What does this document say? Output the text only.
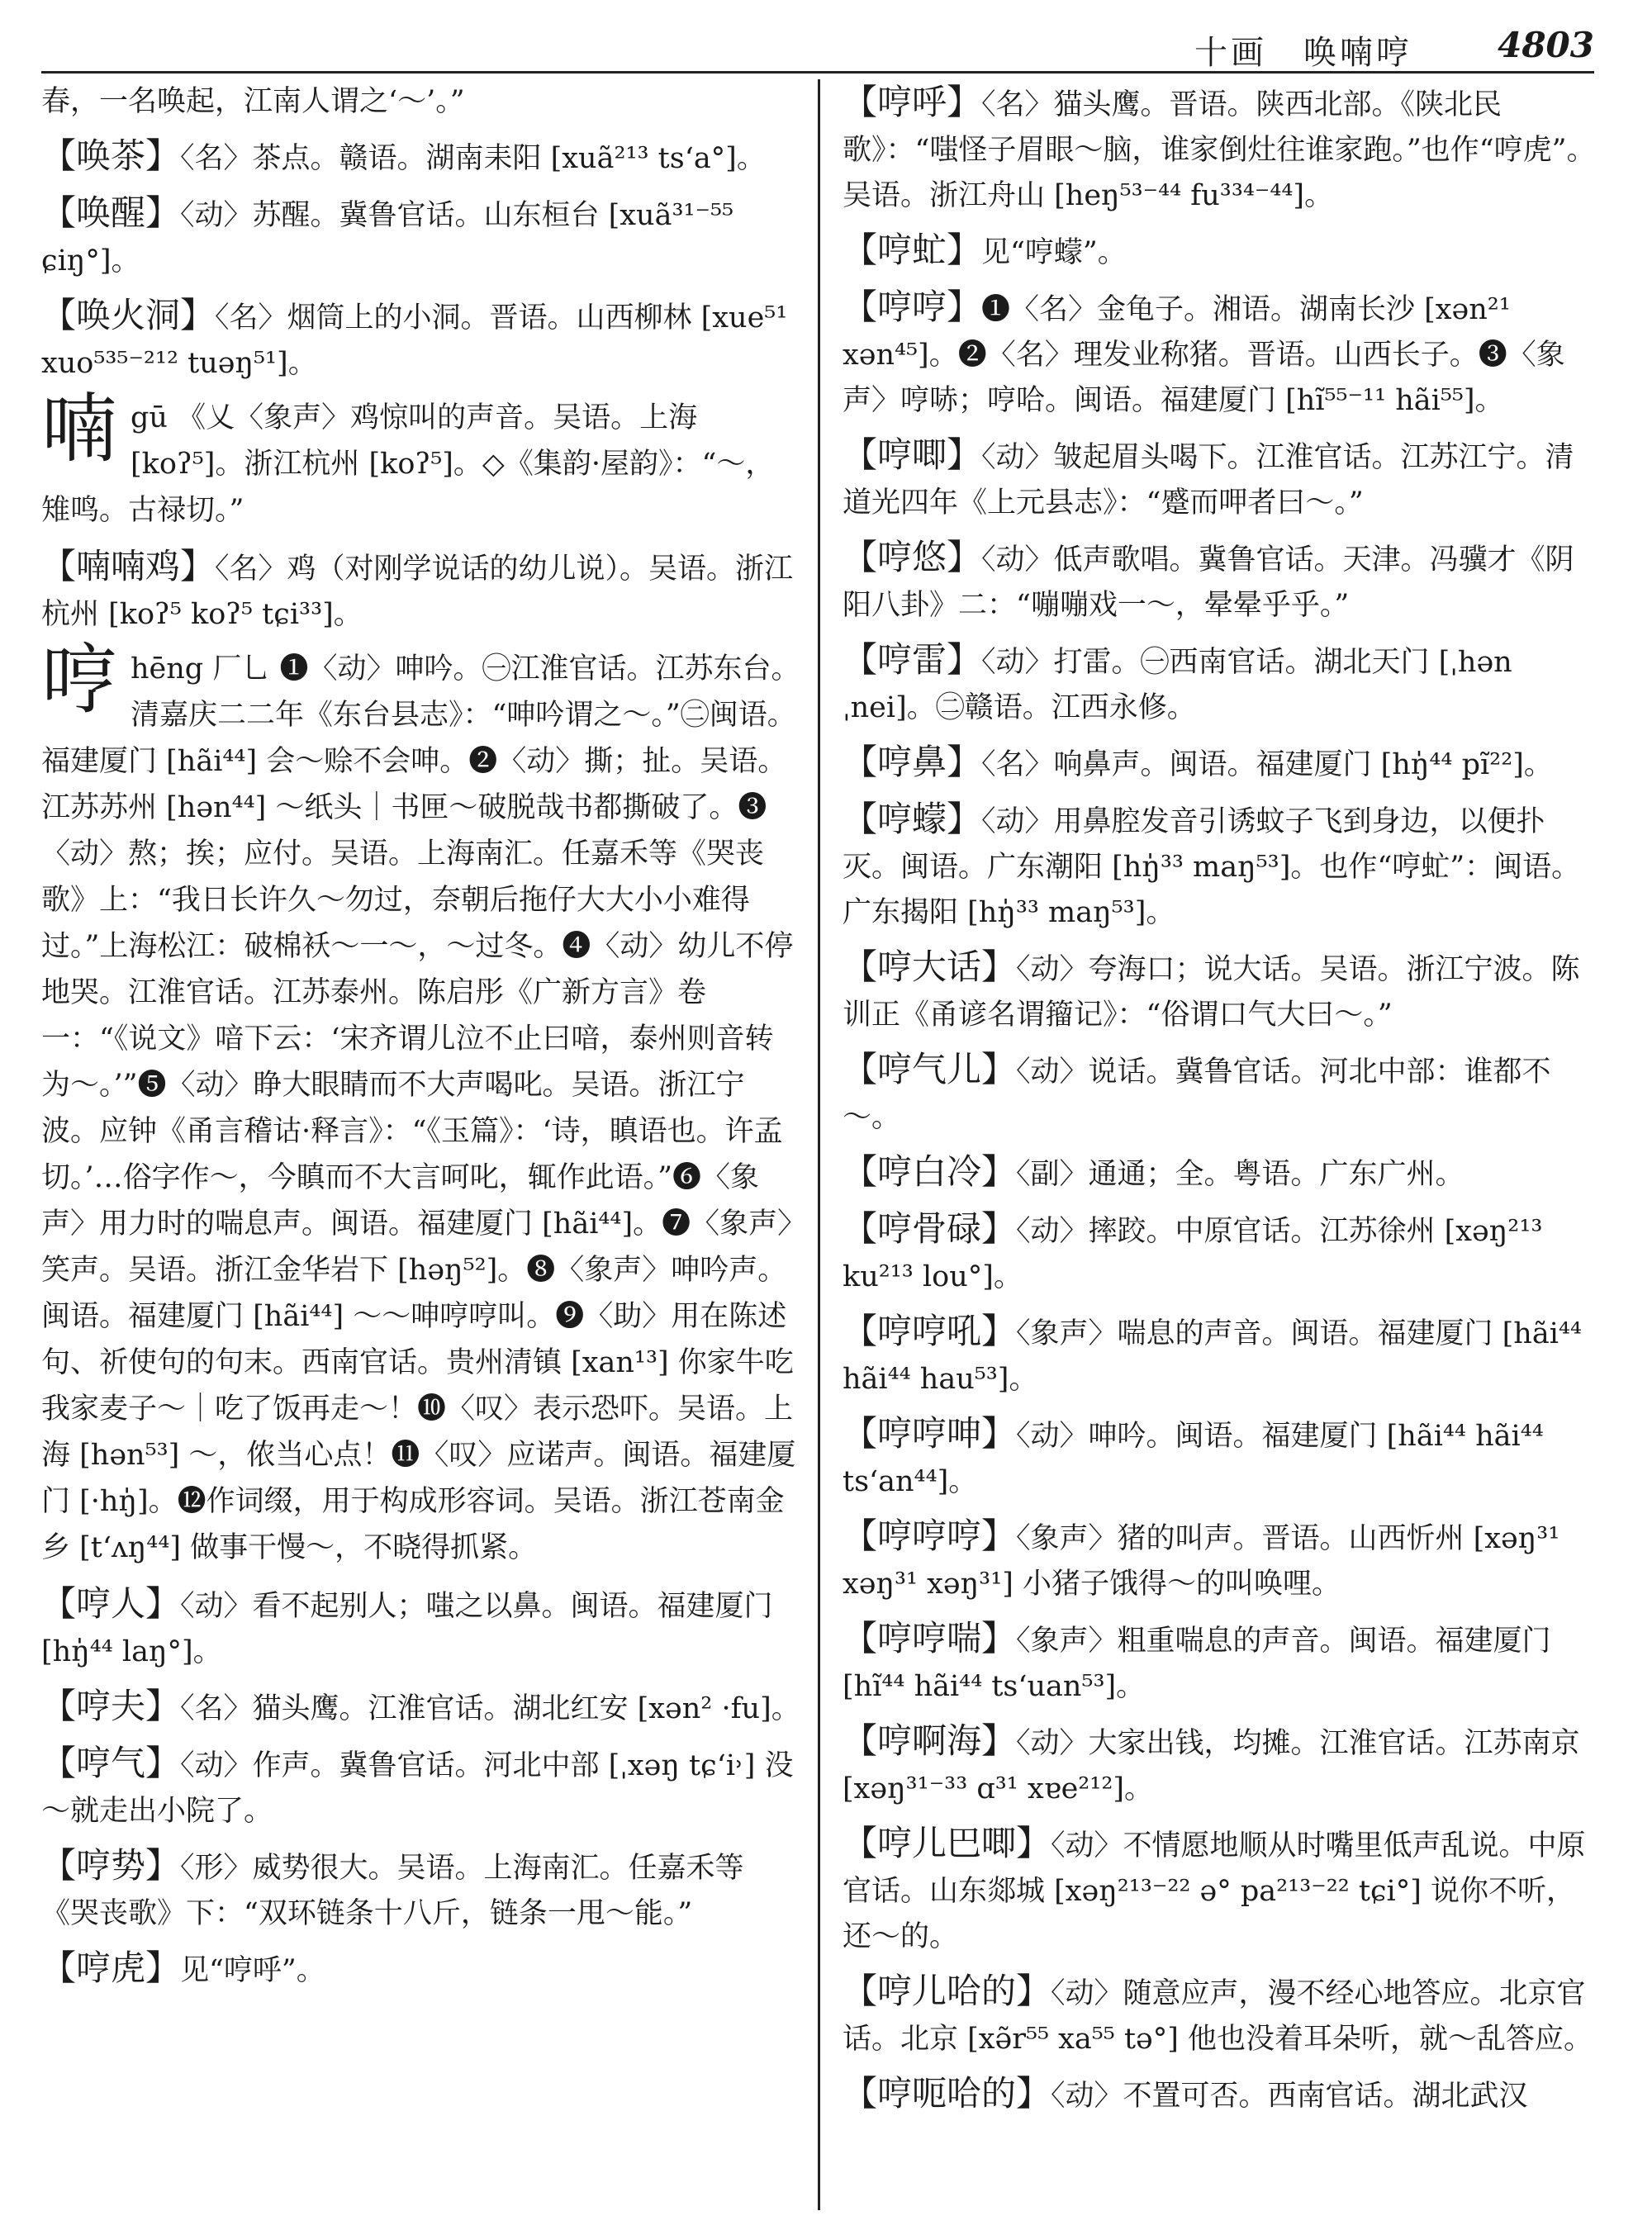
十画　唤喃哼 4803

春，一名唤起，江南人谓之‘～’。”

【唤茶】〈名〉茶点。赣语。湖南耒阳 [xuã²¹³ ts‘a°]。

【唤醒】〈动〉苏醒。冀鲁官话。山东桓台 [xuã³¹⁻⁵⁵ ɕiŋ°]。

【唤火洞】〈名〉烟筒上的小洞。晋语。山西柳林 [xue⁵¹ xuo⁵³⁵⁻²¹² tuəŋ⁵¹]。

喃gū 《乂〈象声〉鸡惊叫的声音。吴语。上海 [koʔ⁵]。浙江杭州 [koʔ⁵]。◇《集韵·屋韵》：“～，雉鸣。古禄切。”

【喃喃鸡】〈名〉鸡（对刚学说话的幼儿说）。吴语。浙江杭州 [koʔ⁵ koʔ⁵ tɕi³³]。

哼hēng 厂乚 ❶〈动〉呻吟。㊀江淮官话。江苏东台。清嘉庆二二年《东台县志》：“呻吟谓之～。”㊁闽语。福建厦门 [hãi⁴⁴] 会～赊不会呻。❷〈动〉撕；扯。吴语。江苏苏州 [hən⁴⁴] ～纸头｜书匣～破脱哉书都撕破了。❸〈动〉熬；挨；应付。吴语。上海南汇。任嘉禾等《哭丧歌》上：“我日长许久～勿过，奈朝后拖仔大大小小难得过。”上海松江：破棉袄～一～，～过冬。❹〈动〉幼儿不停地哭。江淮官话。江苏泰州。陈启彤《广新方言》卷一：“《说文》喑下云：‘宋齐谓儿泣不止曰喑，泰州则音转为～。’”❺〈动〉睁大眼睛而不大声喝叱。吴语。浙江宁波。应钟《甬言稽诂·释言》：“《玉篇》：‘诗，瞋语也。许孟切。’…俗字作～，今瞋而不大言呵叱，辄作此语。”❻〈象声〉用力时的喘息声。闽语。福建厦门 [hãi⁴⁴]。❼〈象声〉笑声。吴语。浙江金华岩下 [həŋ⁵²]。❽〈象声〉呻吟声。闽语。福建厦门 [hãi⁴⁴] ～～呻哼哼叫。❾〈助〉用在陈述句、祈使句的句末。西南官话。贵州清镇 [xan¹³] 你家牛吃我家麦子～｜吃了饭再走～！❿〈叹〉表示恐吓。吴语。上海 [hən⁵³] ～，侬当心点！⓫〈叹〉应诺声。闽语。福建厦门 [·hŋ̍]。⓬作词缀，用于构成形容词。吴语。浙江苍南金乡 [t‘ʌŋ⁴⁴] 做事干慢～，不晓得抓紧。

【哼人】〈动〉看不起别人；嗤之以鼻。闽语。福建厦门 [hŋ̍⁴⁴ laŋ°]。

【哼夫】〈名〉猫头鹰。江淮官话。湖北红安 [xən² ·fu]。

【哼气】〈动〉作声。冀鲁官话。河北中部 [ˌxəŋ tɕ‘i˒] 没～就走出小院了。

【哼势】〈形〉威势很大。吴语。上海南汇。任嘉禾等《哭丧歌》下：“双环链条十八斤，链条一甩～能。”

【哼虎】见“哼呼”。

【哼呼】〈名〉猫头鹰。晋语。陕西北部。《陕北民歌》：“嗤怪子眉眼～脑，谁家倒灶往谁家跑。”也作“哼虎”。吴语。浙江舟山 [heŋ⁵³⁻⁴⁴ fu³³⁴⁻⁴⁴]。

【哼虻】见“哼蠓”。

【哼哼】❶〈名〉金龟子。湘语。湖南长沙 [xən²¹ xən⁴⁵]。❷〈名〉理发业称猪。晋语。山西长子。❸〈象声〉哼哧；哼哈。闽语。福建厦门 [hĩ⁵⁵⁻¹¹ hãi⁵⁵]。

【哼唧】〈动〉皱起眉头喝下。江淮官话。江苏江宁。清道光四年《上元县志》：“蹙而呷者曰～。”

【哼悠】〈动〉低声歌唱。冀鲁官话。天津。冯骥才《阴阳八卦》二：“嘣嘣戏一～，晕晕乎乎。”

【哼雷】〈动〉打雷。㊀西南官话。湖北天门 [ˌhən ˌnei]。㊁赣语。江西永修。

【哼鼻】〈名〉响鼻声。闽语。福建厦门 [hŋ̍⁴⁴ pĩ²²]。

【哼蠓】〈动〉用鼻腔发音引诱蚊子飞到身边，以便扑灭。闽语。广东潮阳 [hŋ̍³³ maŋ⁵³]。也作“哼虻”：闽语。广东揭阳 [hŋ̍³³ maŋ⁵³]。

【哼大话】〈动〉夸海口；说大话。吴语。浙江宁波。陈训正《甬谚名谓籀记》：“俗谓口气大曰～。”

【哼气儿】〈动〉说话。冀鲁官话。河北中部：谁都不～。

【哼白冷】〈副〉通通；全。粤语。广东广州。

【哼骨碌】〈动〉摔跤。中原官话。江苏徐州 [xəŋ²¹³ ku²¹³ lou°]。

【哼哼吼】〈象声〉喘息的声音。闽语。福建厦门 [hãi⁴⁴ hãi⁴⁴ hau⁵³]。

【哼哼呻】〈动〉呻吟。闽语。福建厦门 [hãi⁴⁴ hãi⁴⁴ ts‘an⁴⁴]。

【哼哼哼】〈象声〉猪的叫声。晋语。山西忻州 [xəŋ³¹ xəŋ³¹ xəŋ³¹] 小猪子饿得～的叫唤哩。

【哼哼喘】〈象声〉粗重喘息的声音。闽语。福建厦门 [hĩ⁴⁴ hãi⁴⁴ ts‘uan⁵³]。

【哼啊海】〈动〉大家出钱，均摊。江淮官话。江苏南京 [xəŋ³¹⁻³³ ɑ³¹ xɐe²¹²]。

【哼儿巴唧】〈动〉不情愿地顺从时嘴里低声乱说。中原官话。山东郯城 [xəŋ²¹³⁻²² ə° pa²¹³⁻²² tɕi°] 说你不听，还～的。

【哼儿哈的】〈动〉随意应声，漫不经心地答应。北京官话。北京 [xə̃r⁵⁵ xa⁵⁵ tə°] 他也没着耳朵听，就～乱答应。

【哼呃哈的】〈动〉不置可否。西南官话。湖北武汉
